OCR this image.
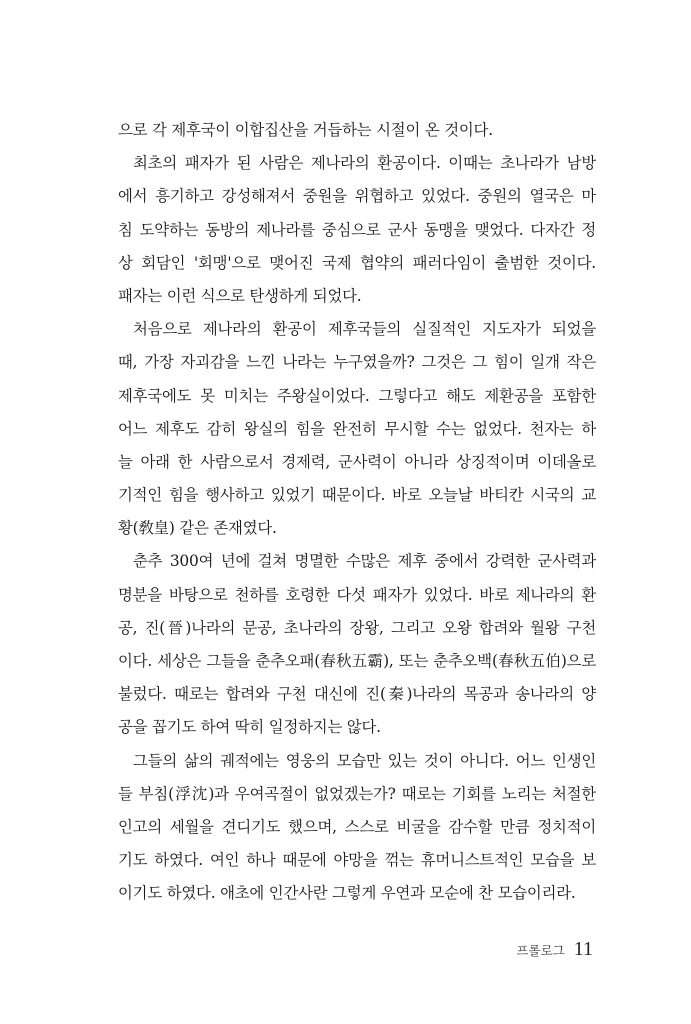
으로 각 제후국이 이합집산을 거듭하는 시절이 온 것이다.
최초의 패자가 된 사람은 제나라의 환공이다. 이때는 초나라가 남방
에서 흥기하고 강성해져서 중원을 위협하고 있었다. 중원의 열국은 마
침 도약하는 동방의 제나라를 중심으로 군사 동맹을 맺었다. 다자간 정
상 회담인 '회맹'으로 맺어진 국제 협약의 패러다임이 출범한 것이다.
패자는 이런 식으로 탄생하게 되었다.
처음으로 제나라의 환공이 제후국들의 실질적인 지도자가 되었을
때, 가장 자괴감을 느낀 나라는 누구였을까? 그것은 그 힘이 일개 작은
제후국에도 못 미치는 주왕실이었다. 그렇다고 해도 제환공을 포함한
어느 제후도 감히 왕실의 힘을 완전히 무시할 수는 없었다. 천자는 하
늘 아래 한 사람으로서 경제력, 군사력이 아니라 상징적이며 이데올로
기적인 힘을 행사하고 있었기 때문이다. 바로 오늘날 바티칸 시국의 교
황(敎皇) 같은 존재였다.
춘추 300여 년에 걸쳐 명멸한 수많은 제후 중에서 강력한 군사력과
명분을 바탕으로 천하를 호령한 다섯 패자가 있었다. 바로 제나라의 환
공, 진(晉)나라의 문공, 초나라의 장왕, 그리고 오왕 합려와 월왕 구천
이다. 세상은 그들을 춘추오패(春秋五霸), 또는 춘추오백(春秋五伯)으로
불렀다. 때로는 합려와 구천 대신에 진(秦)나라의 목공과 송나라의 양
공을 꼽기도 하여 딱히 일정하지는 않다.
그들의 삶의 궤적에는 영웅의 모습만 있는 것이 아니다. 어느 인생인
들 부침(浮沈)과 우여곡절이 없었겠는가? 때로는 기회를 노리는 처절한
인고의 세월을 견디기도 했으며, 스스로 비굴을 감수할 만큼 정치적이
기도 하였다. 여인 하나 때문에 야망을 꺾는 휴머니스트적인 모습을 보
이기도 하였다. 애초에 인간사란 그렇게 우연과 모순에 찬 모습이리라.
프롤로그 11
